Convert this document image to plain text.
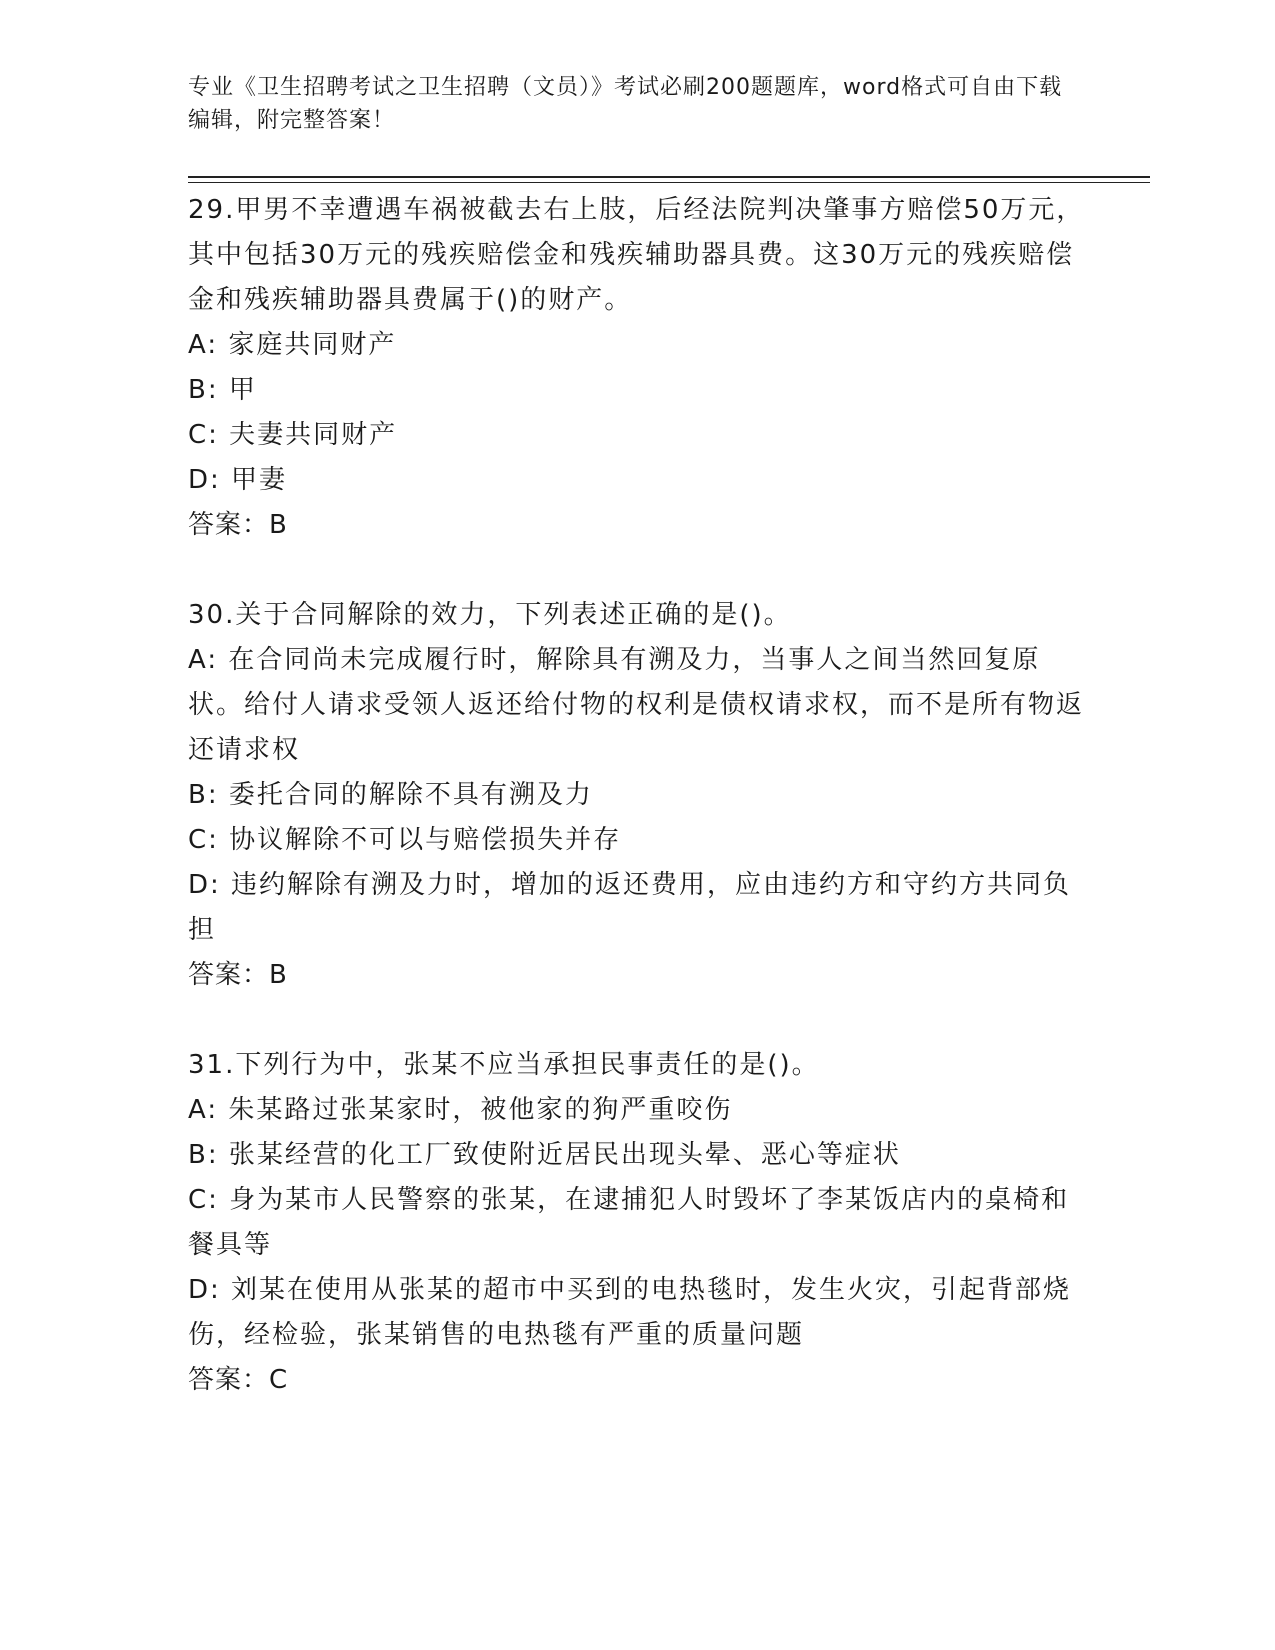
专业《卫生招聘考试之卫生招聘（文员）》考试必刷200题题库，word格式可自由下载编辑，附完整答案！
29.甲男不幸遭遇车祸被截去右上肢，后经法院判决肇事方赔偿50万元，其中包括30万元的残疾赔偿金和残疾辅助器具费。这30万元的残疾赔偿金和残疾辅助器具费属于()的财产。
A: 家庭共同财产
B: 甲
C: 夫妻共同财产
D: 甲妻
答案：B
30.关于合同解除的效力，下列表述正确的是()。
A: 在合同尚未完成履行时，解除具有溯及力，当事人之间当然回复原状。给付人请求受领人返还给付物的权利是债权请求权，而不是所有物返还请求权
B: 委托合同的解除不具有溯及力
C: 协议解除不可以与赔偿损失并存
D: 违约解除有溯及力时，增加的返还费用，应由违约方和守约方共同负担
答案：B
31.下列行为中，张某不应当承担民事责任的是()。
A: 朱某路过张某家时，被他家的狗严重咬伤
B: 张某经营的化工厂致使附近居民出现头晕、恶心等症状
C: 身为某市人民警察的张某，在逮捕犯人时毁坏了李某饭店内的桌椅和餐具等
D: 刘某在使用从张某的超市中买到的电热毯时，发生火灾，引起背部烧伤，经检验，张某销售的电热毯有严重的质量问题
答案：C
